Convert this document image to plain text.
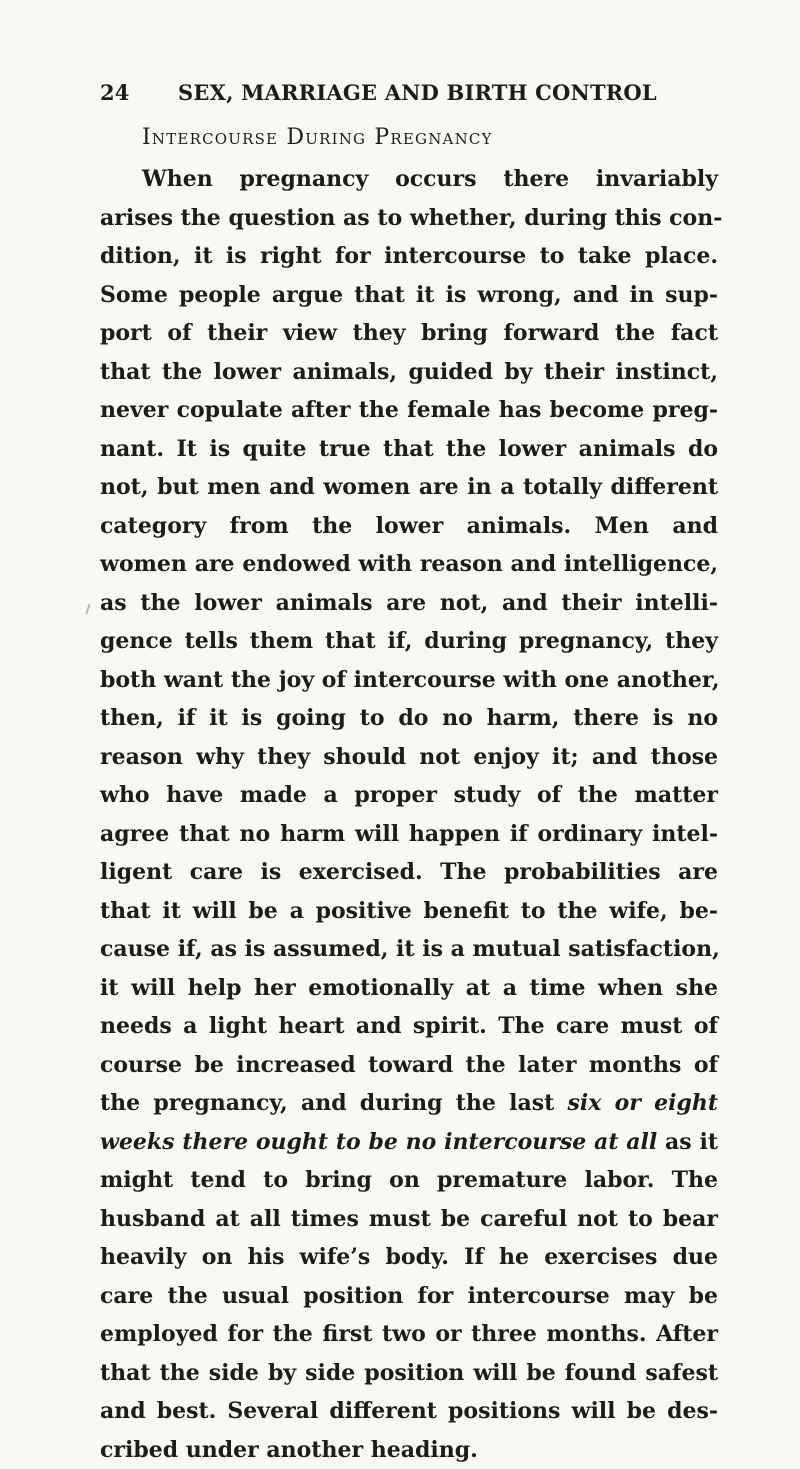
24 SEX, MARRIAGE AND BIRTH CONTROL
Intercourse During Pregnancy
When pregnancy occurs there invariably
arises the question as to whether, during this con-
dition, it is right for intercourse to take place.
Some people argue that it is wrong, and in sup-
port of their view they bring forward the fact
that the lower animals, guided by their instinct,
never copulate after the female has become preg-
nant. It is quite true that the lower animals do
not, but men and women are in a totally different
category from the lower animals. Men and
women are endowed with reason and intelligence,
as the lower animals are not, and their intelli-
gence tells them that if, during pregnancy, they
both want the joy of intercourse with one another,
then, if it is going to do no harm, there is no
reason why they should not enjoy it; and those
who have made a proper study of the matter
agree that no harm will happen if ordinary intel-
ligent care is exercised. The probabilities are
that it will be a positive benefit to the wife, be-
cause if, as is assumed, it is a mutual satisfaction,
it will help her emotionally at a time when she
needs a light heart and spirit. The care must of
course be increased toward the later months of
the pregnancy, and during the last six or eight
weeks there ought to be no intercourse at all as it
might tend to bring on premature labor. The
husband at all times must be careful not to bear
heavily on his wife’s body. If he exercises due
care the usual position for intercourse may be
employed for the first two or three months. After
that the side by side position will be found safest
and best. Several different positions will be des-
cribed under another heading.
